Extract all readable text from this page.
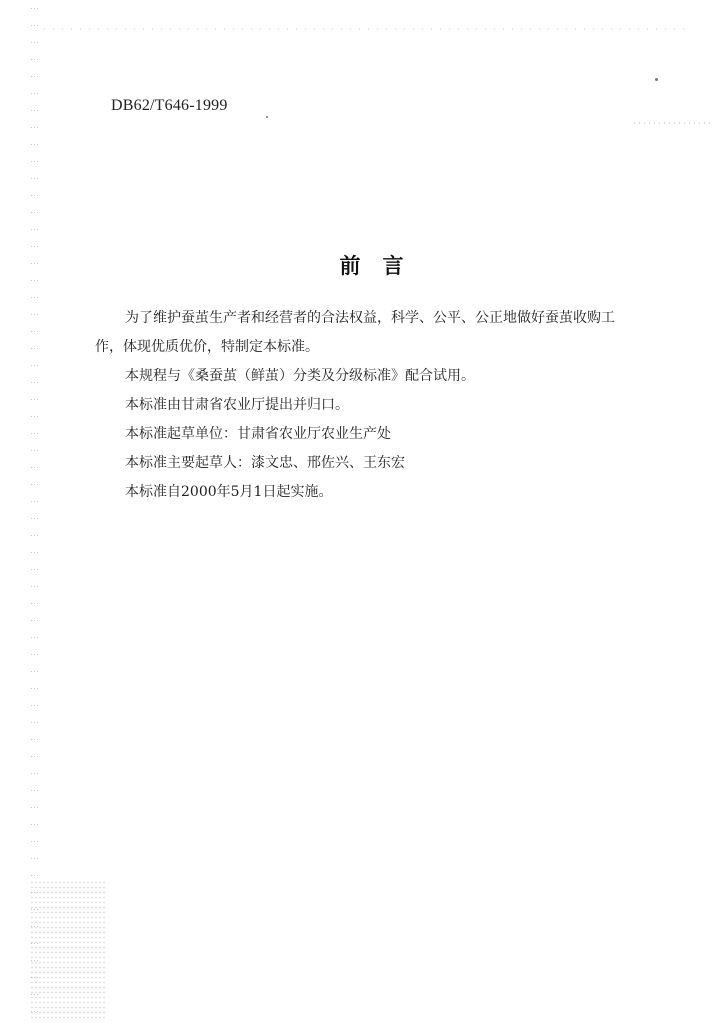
DB62/T646-1999
前言

为了维护蚕茧生产者和经营者的合法权益，科学、公平、公正地做好蚕茧收购工作，体现优质优价，特制定本标准。

本规程与《桑蚕茧（鲜茧）分类及分级标准》配合试用。

本标准由甘肃省农业厅提出并归口。

本标准起草单位：甘肃省农业厅农业生产处

本标准主要起草人：漆文忠、邢佐兴、王东宏

本标准自2000年5月1日起实施。
